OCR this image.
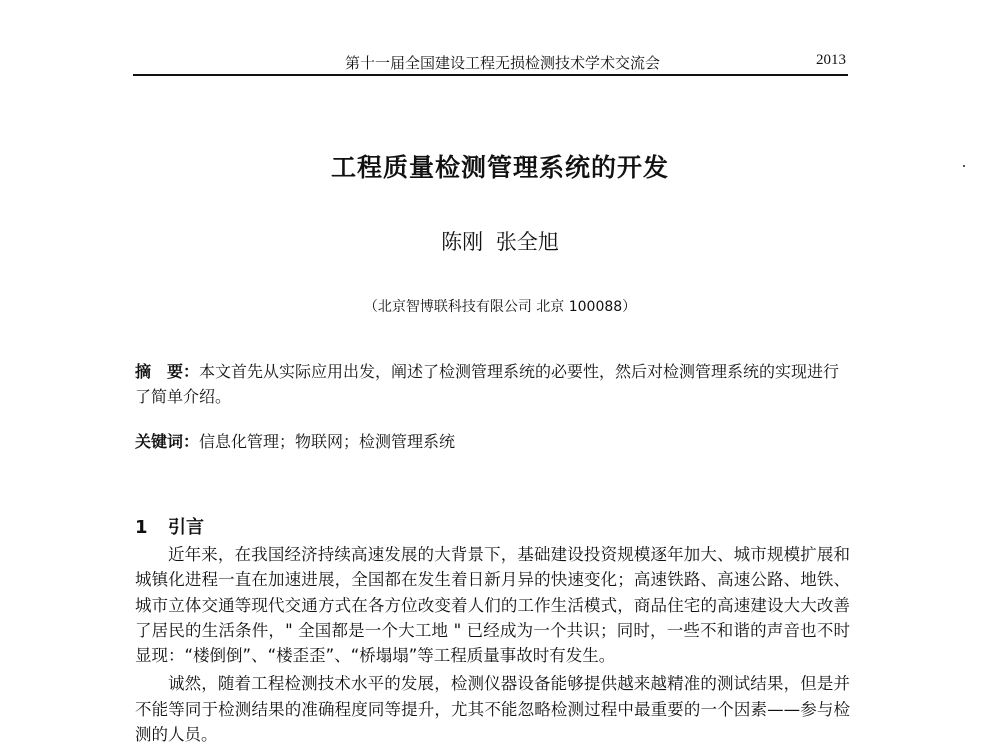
第十一届全国建设工程无损检测技术学术交流会	2013
工程质量检测管理系统的开发
陈刚 张全旭
（北京智博联科技有限公司 北京 100088）
摘　要：本文首先从实际应用出发，阐述了检测管理系统的必要性，然后对检测管理系统的实现进行了简单介绍。
关键词：信息化管理；物联网；检测管理系统
1 引言

近年来，在我国经济持续高速发展的大背景下，基础建设投资规模逐年加大、城市规模扩展和城镇化进程一直在加速进展，全国都在发生着日新月异的快速变化；高速铁路、高速公路、地铁、城市立体交通等现代交通方式在各方位改变着人们的工作生活模式，商品住宅的高速建设大大改善了居民的生活条件，" 全国都是一个大工地 " 已经成为一个共识；同时，一些不和谐的声音也不时显现：“楼倒倒”、“楼歪歪”、“桥塌塌”等工程质量事故时有发生。

诚然，随着工程检测技术水平的发展，检测仪器设备能够提供越来越精准的测试结果，但是并不能等同于检测结果的准确程度同等提升，尤其不能忽略检测过程中最重要的一个因素——参与检测的人员。
